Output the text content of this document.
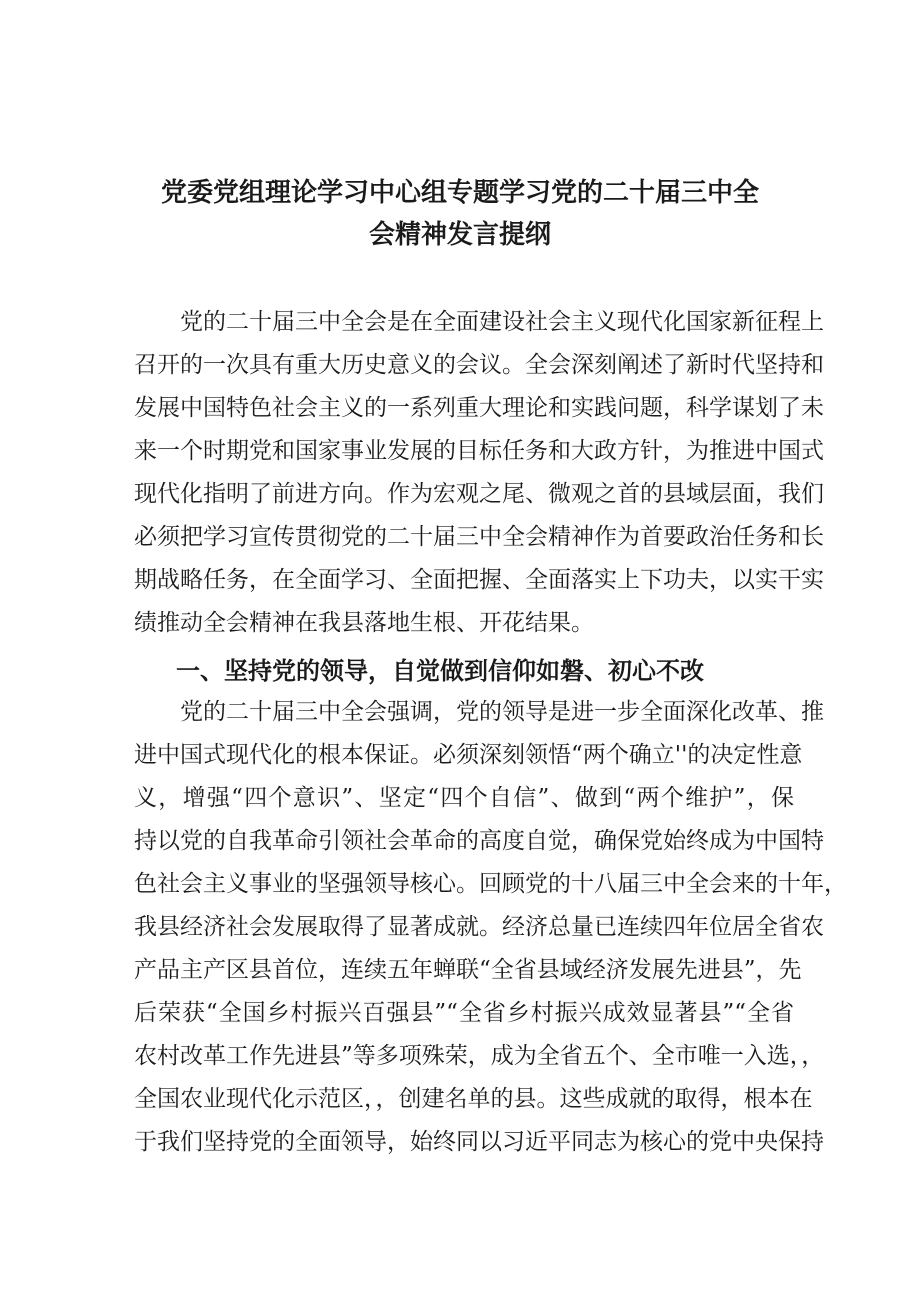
党委党组理论学习中心组专题学习党的二十届三中全
会精神发言提纲
党的二十届三中全会是在全面建设社会主义现代化国家新征程上
召开的一次具有重大历史意义的会议。全会深刻阐述了新时代坚持和
发展中国特色社会主义的一系列重大理论和实践问题，科学谋划了未
来一个时期党和国家事业发展的目标任务和大政方针，为推进中国式
现代化指明了前进方向。作为宏观之尾、微观之首的县域层面，我们
必须把学习宣传贯彻党的二十届三中全会精神作为首要政治任务和长
期战略任务，在全面学习、全面把握、全面落实上下功夫，以实干实
绩推动全会精神在我县落地生根、开花结果。
一、坚持党的领导，自觉做到信仰如磐、初心不改
党的二十届三中全会强调，党的领导是进一步全面深化改革、推
进中国式现代化的根本保证。必须深刻领悟“两个确立''的决定性意
义，增强“四个意识”、坚定“四个自信”、做到“两个维护”，保
持以党的自我革命引领社会革命的高度自觉，确保党始终成为中国特
色社会主义事业的坚强领导核心。回顾党的十八届三中全会来的十年，
我县经济社会发展取得了显著成就。经济总量已连续四年位居全省农
产品主产区县首位，连续五年蝉联“全省县域经济发展先进县”，先
后荣获“全国乡村振兴百强县”“全省乡村振兴成效显著县”“全省
农村改革工作先进县”等多项殊荣，成为全省五个、全市唯一入选，，
全国农业现代化示范区，，创建名单的县。这些成就的取得，根本在
于我们坚持党的全面领导，始终同以习近平同志为核心的党中央保持
